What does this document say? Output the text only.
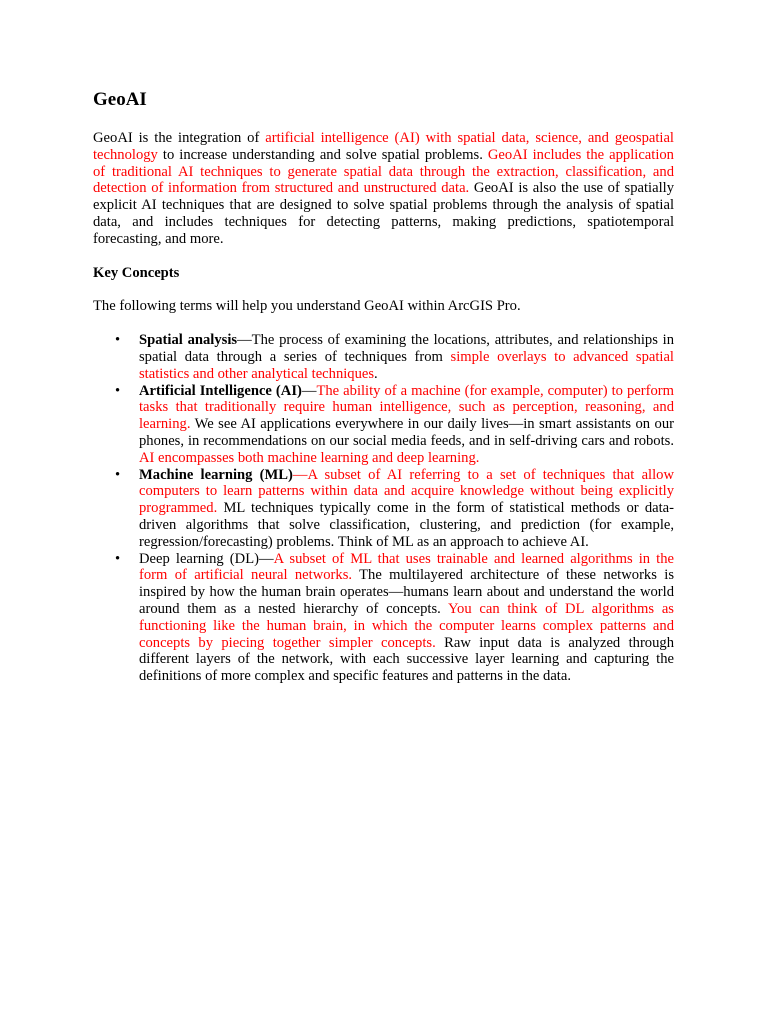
GeoAI

GeoAI is the integration of artificial intelligence (AI) with spatial data, science, and geospatial technology to increase understanding and solve spatial problems. GeoAI includes the application of traditional AI techniques to generate spatial data through the extraction, classification, and detection of information from structured and unstructured data. GeoAI is also the use of spatially explicit AI techniques that are designed to solve spatial problems through the analysis of spatial data, and includes techniques for detecting patterns, making predictions, spatiotemporal forecasting, and more.

Key Concepts

The following terms will help you understand GeoAI within ArcGIS Pro.

• Spatial analysis—The process of examining the locations, attributes, and relationships in spatial data through a series of techniques from simple overlays to advanced spatial statistics and other analytical techniques.
• Artificial Intelligence (AI)—The ability of a machine (for example, computer) to perform tasks that traditionally require human intelligence, such as perception, reasoning, and learning. We see AI applications everywhere in our daily lives—in smart assistants on our phones, in recommendations on our social media feeds, and in self-driving cars and robots. AI encompasses both machine learning and deep learning.
• Machine learning (ML)—A subset of AI referring to a set of techniques that allow computers to learn patterns within data and acquire knowledge without being explicitly programmed. ML techniques typically come in the form of statistical methods or data-driven algorithms that solve classification, clustering, and prediction (for example, regression/forecasting) problems. Think of ML as an approach to achieve AI.
• Deep learning (DL)—A subset of ML that uses trainable and learned algorithms in the form of artificial neural networks. The multilayered architecture of these networks is inspired by how the human brain operates—humans learn about and understand the world around them as a nested hierarchy of concepts. You can think of DL algorithms as functioning like the human brain, in which the computer learns complex patterns and concepts by piecing together simpler concepts. Raw input data is analyzed through different layers of the network, with each successive layer learning and capturing the definitions of more complex and specific features and patterns in the data.
